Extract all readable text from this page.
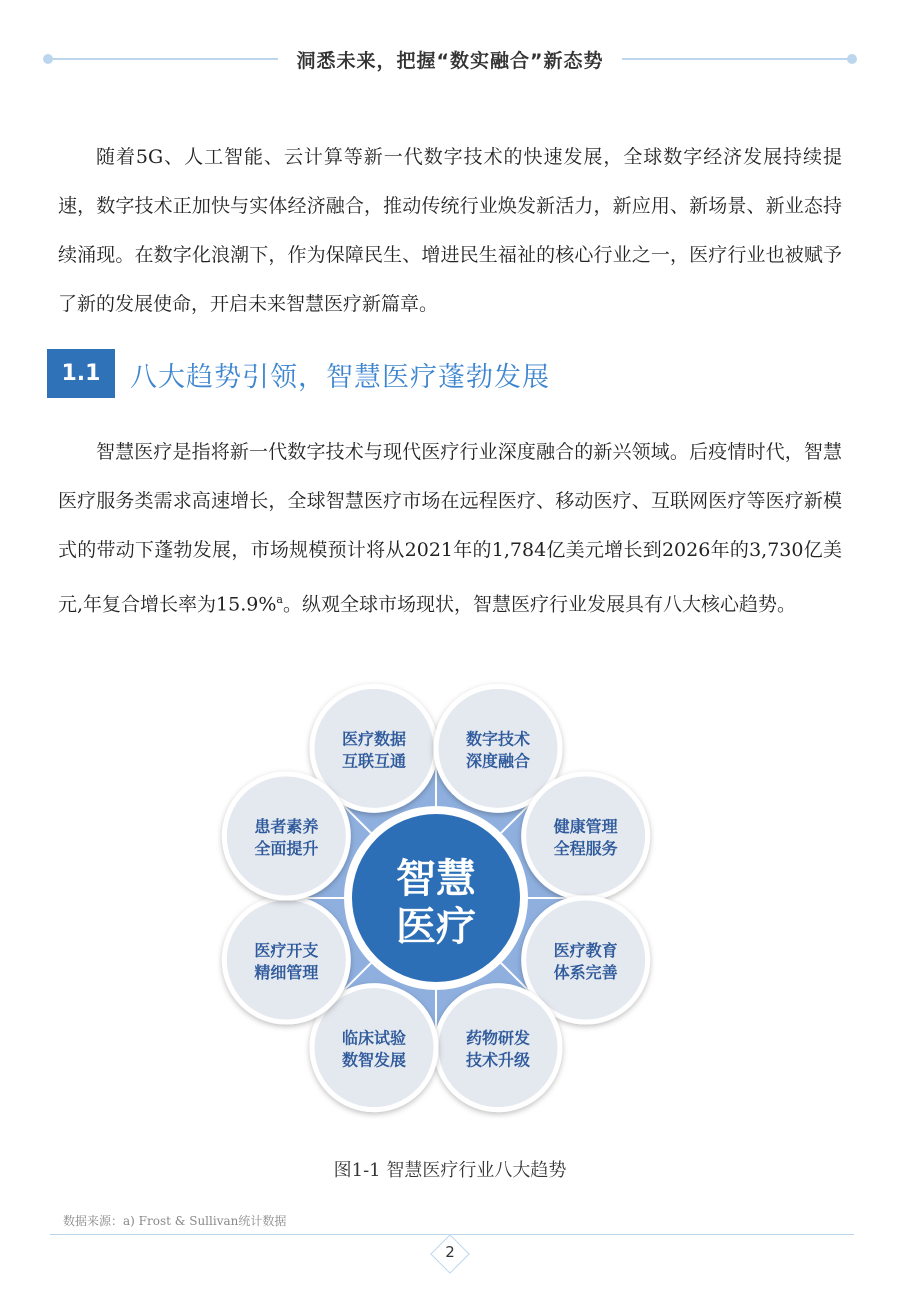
洞悉未来，把握“数实融合”新态势

随着5G、人工智能、云计算等新一代数字技术的快速发展，全球数字经济发展持续提速，数字技术正加快与实体经济融合，推动传统行业焕发新活力，新应用、新场景、新业态持续涌现。在数字化浪潮下，作为保障民生、增进民生福祉的核心行业之一，医疗行业也被赋予了新的发展使命，开启未来智慧医疗新篇章。

1.1	八大趋势引领，智慧医疗蓬勃发展

智慧医疗是指将新一代数字技术与现代医疗行业深度融合的新兴领域。后疫情时代，智慧医疗服务类需求高速增长，全球智慧医疗市场在远程医疗、移动医疗、互联网医疗等医疗新模式的带动下蓬勃发展，市场规模预计将从2021年的1,784亿美元增长到2026年的3,730亿美元,年复合增长率为15.9%$^a$。纵观全球市场现状，智慧医疗行业发展具有八大核心趋势。

智慧
医疗
医疗数据
互联互通
数字技术
深度融合
健康管理
全程服务
医疗教育
体系完善
药物研发
技术升级
临床试验
数智发展
医疗开支
精细管理
患者素养
全面提升
图1-1 智慧医疗行业八大趋势
数据来源：a) Frost & Sullivan统计数据
2
